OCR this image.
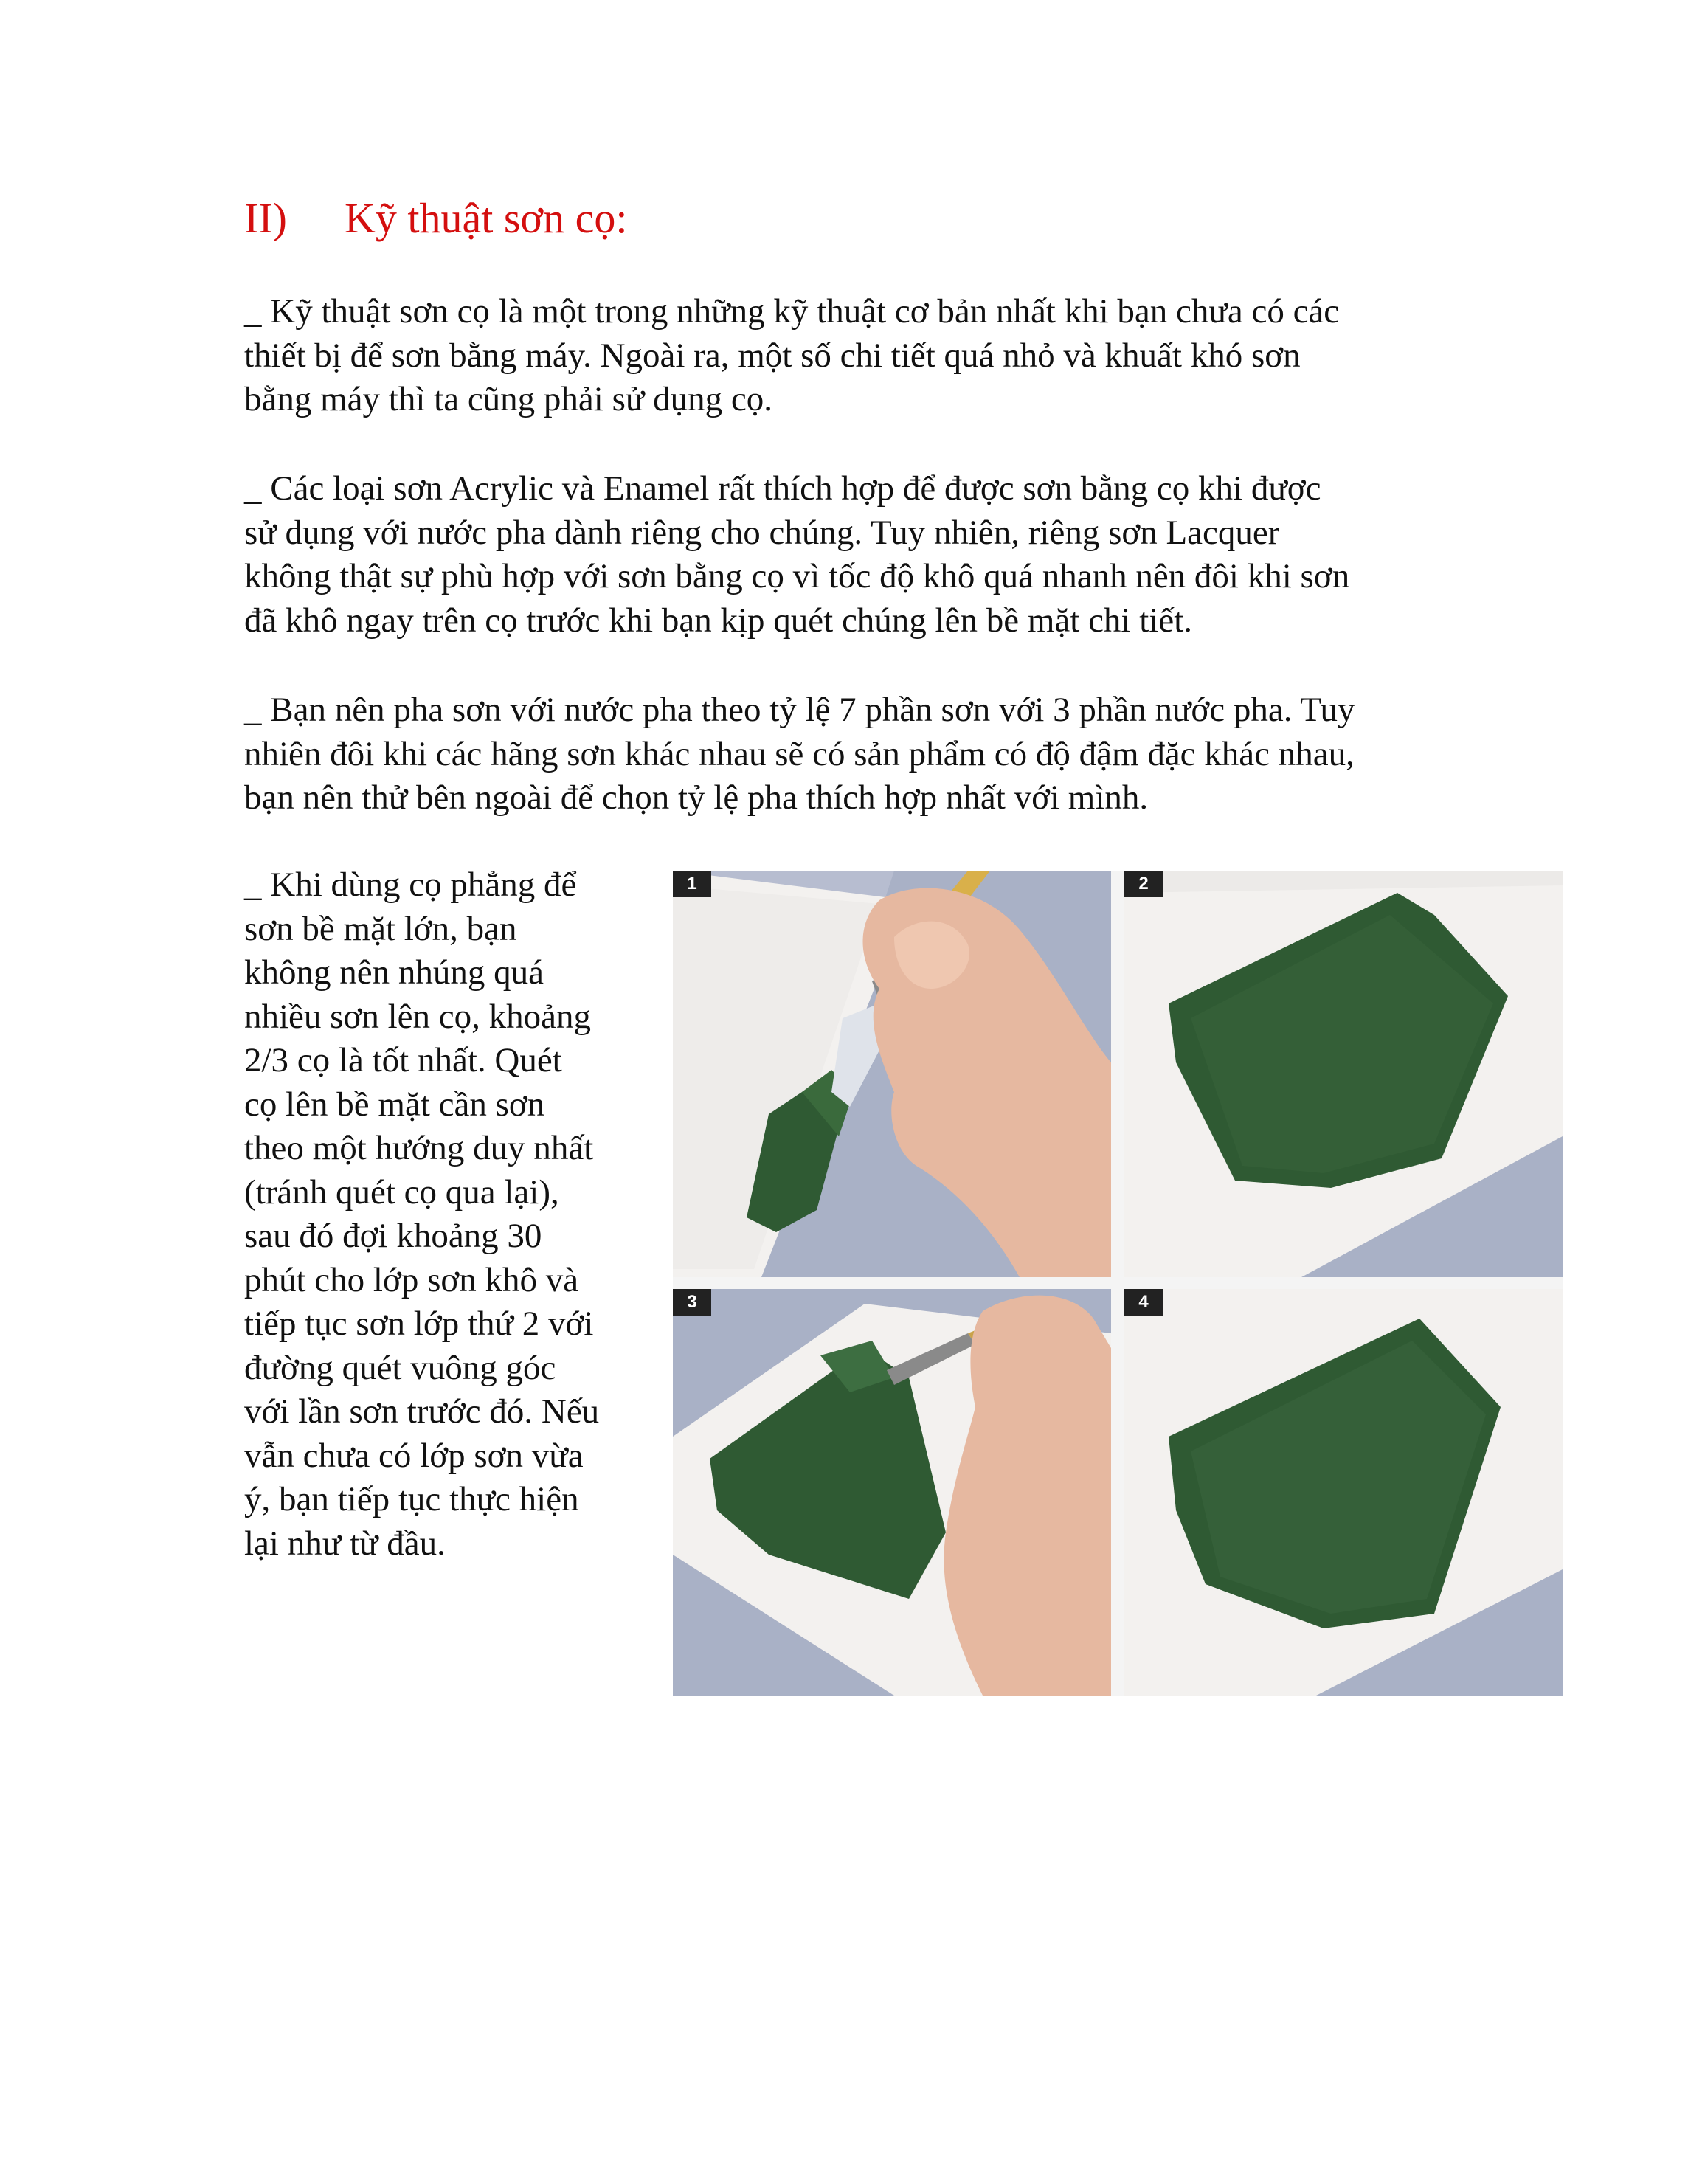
II)	Kỹ thuật sơn cọ:

_ Kỹ thuật sơn cọ là một trong những kỹ thuật cơ bản nhất khi bạn chưa có các
thiết bị để sơn bằng máy. Ngoài ra, một số chi tiết quá nhỏ và khuất khó sơn
bằng máy thì ta cũng phải sử dụng cọ.

_ Các loại sơn Acrylic và Enamel rất thích hợp để được sơn bằng cọ khi được
sử dụng với nước pha dành riêng cho chúng. Tuy nhiên, riêng sơn Lacquer
không thật sự phù hợp với sơn bằng cọ vì tốc độ khô quá nhanh nên đôi khi sơn
đã khô ngay trên cọ trước khi bạn kịp quét chúng lên bề mặt chi tiết.

_ Bạn nên pha sơn với nước pha theo tỷ lệ 7 phần sơn với 3 phần nước pha. Tuy
nhiên đôi khi các hãng sơn khác nhau sẽ có sản phẩm có độ đậm đặc khác nhau,
bạn nên thử bên ngoài để chọn tỷ lệ pha thích hợp nhất với mình.

_ Khi dùng cọ phẳng để
sơn bề mặt lớn, bạn
không nên nhúng quá
nhiều sơn lên cọ, khoảng
2/3 cọ là tốt nhất. Quét
cọ lên bề mặt cần sơn
theo một hướng duy nhất
(tránh quét cọ qua lại),
sau đó đợi khoảng 30
phút cho lớp sơn khô và
tiếp tục sơn lớp thứ 2 với
đường quét vuông góc
với lần sơn trước đó. Nếu
vẫn chưa có lớp sơn vừa
ý, bạn tiếp tục thực hiện
lại như từ đầu.

1	2
3	4
